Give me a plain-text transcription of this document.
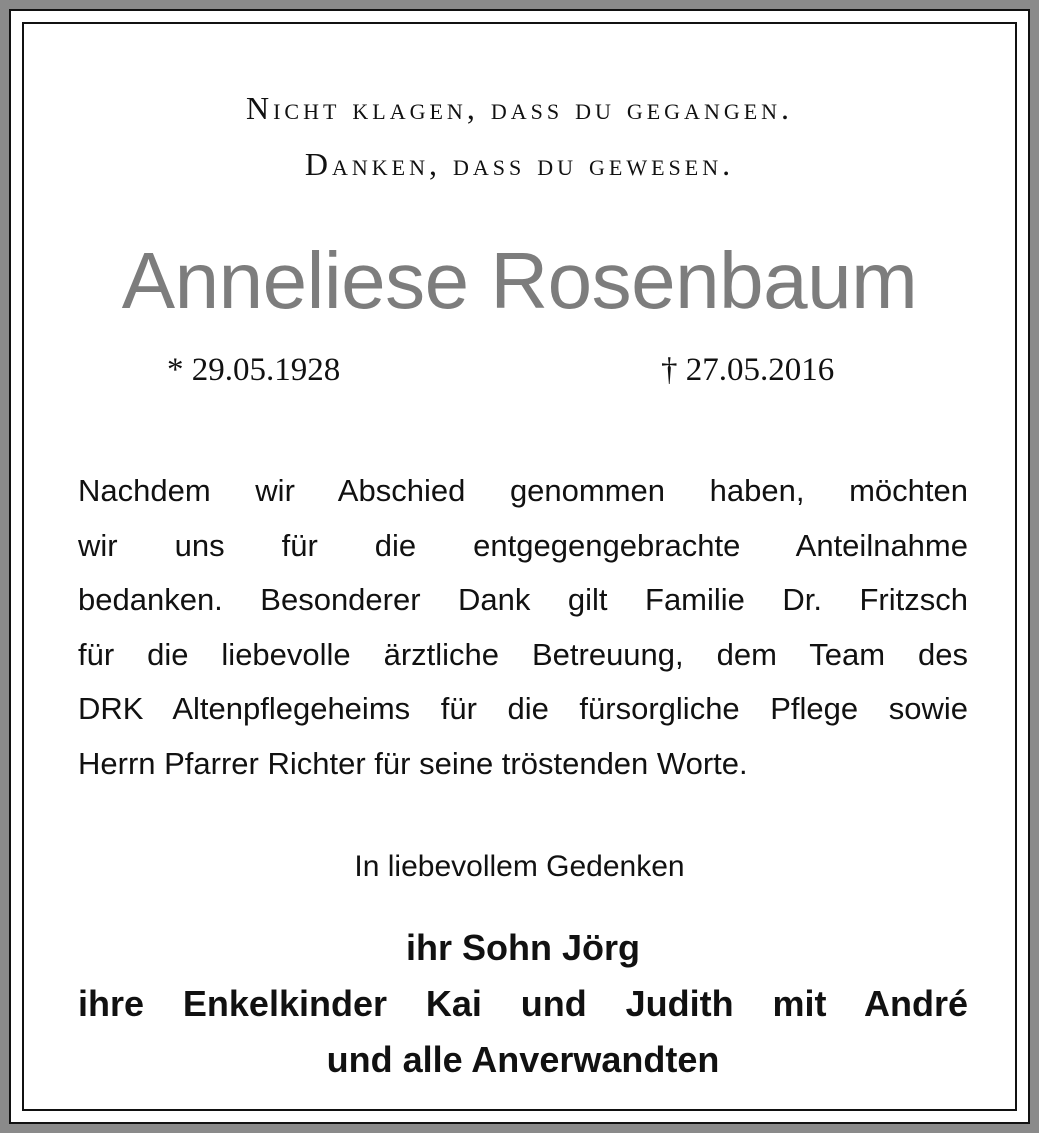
Nicht klagen, dass du gegangen.
Danken, dass du gewesen.
Anneliese Rosenbaum
* 29.05.1928	† 27.05.2016
Nachdem wir Abschied genommen haben, möchten
wir uns für die entgegengebrachte Anteilnahme
bedanken. Besonderer Dank gilt Familie Dr. Fritzsch
für die liebevolle ärztliche Betreuung, dem Team des
DRK Altenpflegeheims für die fürsorgliche Pflege sowie
Herrn Pfarrer Richter für seine tröstenden Worte.
In liebevollem Gedenken
ihr Sohn Jörg
ihre Enkelkinder Kai und Judith mit André
und alle Anverwandten
